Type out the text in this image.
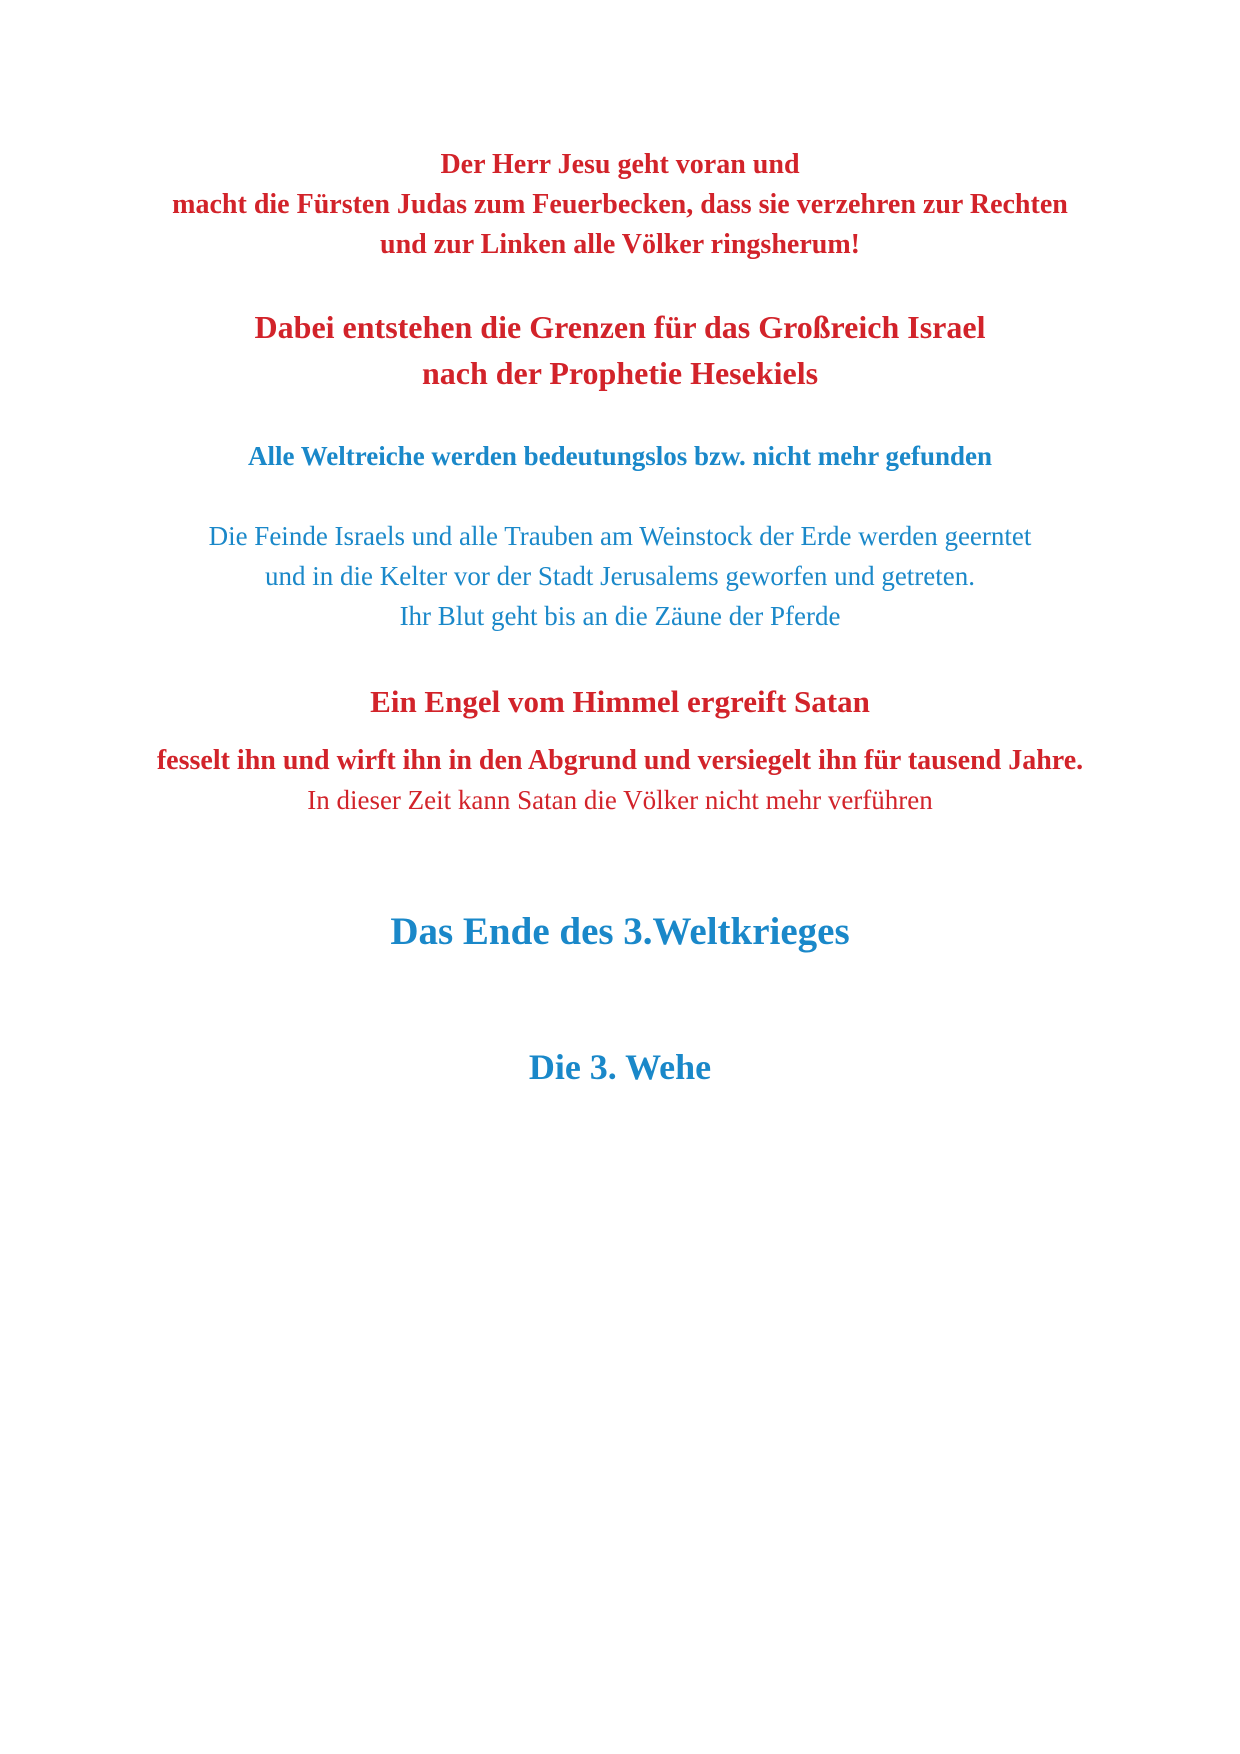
Der Herr Jesu geht voran und
macht die Fürsten Judas zum Feuerbecken, dass sie verzehren zur Rechten
und zur Linken alle Völker ringsherum!
Dabei entstehen die Grenzen für das Großreich Israel
nach der Prophetie Hesekiels
Alle Weltreiche werden bedeutungslos bzw. nicht mehr gefunden
Die Feinde Israels und alle Trauben am Weinstock der Erde werden geerntet
und in die Kelter vor der Stadt Jerusalems geworfen und getreten.
Ihr Blut geht bis an die Zäune der Pferde
Ein Engel vom Himmel ergreift Satan
fesselt ihn und wirft ihn in den Abgrund und versiegelt ihn für tausend Jahre.
In dieser Zeit kann Satan die Völker nicht mehr verführen
Das Ende des 3.Weltkrieges
Die 3. Wehe
